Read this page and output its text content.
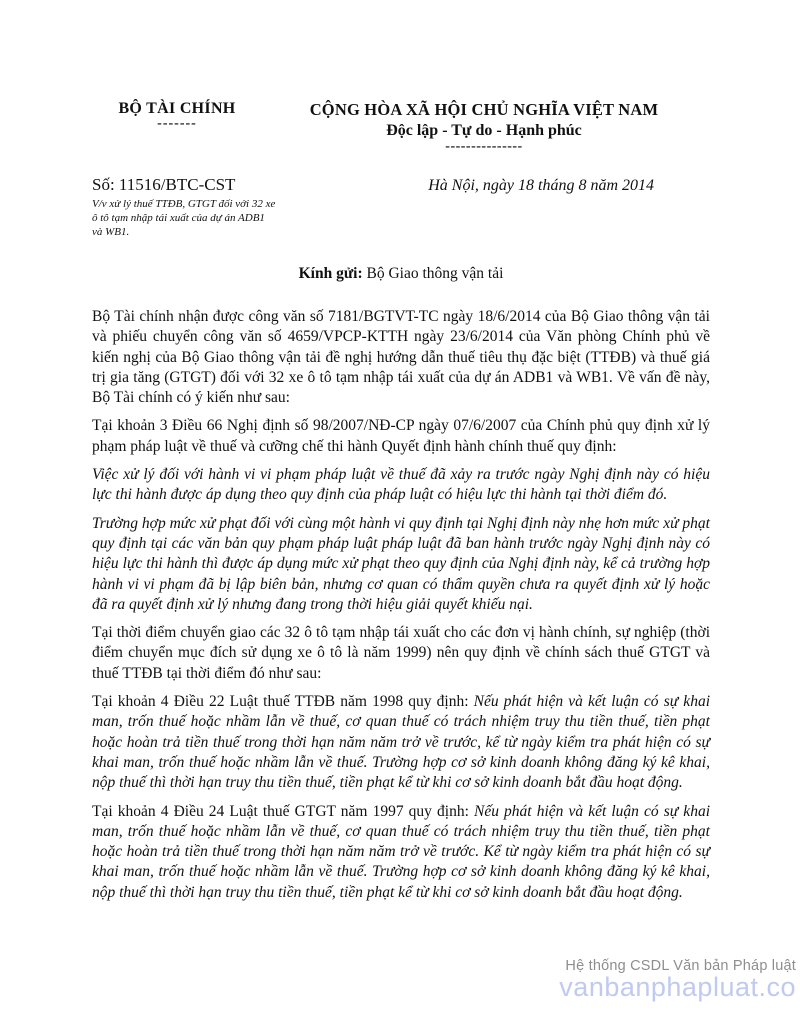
BỘ TÀI CHÍNH
-------
CỘNG HÒA XÃ HỘI CHỦ NGHĨA VIỆT NAM
Độc lập - Tự do - Hạnh phúc
---------------
Số: 11516/BTC-CST
V/v xử lý thuế TTĐB, GTGT đối với 32 xe
ô tô tạm nhập tái xuất của dự án ADB1
và WB1.
Hà Nội, ngày 18 tháng 8 năm 2014
Kính gửi: Bộ Giao thông vận tải

Bộ Tài chính nhận được công văn số 7181/BGTVT-TC ngày 18/6/2014 của Bộ Giao thông vận tải và phiếu chuyển công văn số 4659/VPCP-KTTH ngày 23/6/2014 của Văn phòng Chính phủ về kiến nghị của Bộ Giao thông vận tải đề nghị hướng dẫn thuế tiêu thụ đặc biệt (TTĐB) và thuế giá trị gia tăng (GTGT) đối với 32 xe ô tô tạm nhập tái xuất của dự án ADB1 và WB1. Về vấn đề này, Bộ Tài chính có ý kiến như sau:

Tại khoản 3 Điều 66 Nghị định số 98/2007/NĐ-CP ngày 07/6/2007 của Chính phủ quy định xử lý phạm pháp luật về thuế và cưỡng chế thi hành Quyết định hành chính thuế quy định:

Việc xử lý đối với hành vi vi phạm pháp luật về thuế đã xảy ra trước ngày Nghị định này có hiệu lực thi hành được áp dụng theo quy định của pháp luật có hiệu lực thi hành tại thời điểm đó.

Trường hợp mức xử phạt đối với cùng một hành vi quy định tại Nghị định này nhẹ hơn mức xử phạt quy định tại các văn bản quy phạm pháp luật pháp luật đã ban hành trước ngày Nghị định này có hiệu lực thi hành thì được áp dụng mức xử phạt theo quy định của Nghị định này, kể cả trường hợp hành vi vi phạm đã bị lập biên bản, nhưng cơ quan có thẩm quyền chưa ra quyết định xử lý hoặc đã ra quyết định xử lý nhưng đang trong thời hiệu giải quyết khiếu nại.

Tại thời điểm chuyển giao các 32 ô tô tạm nhập tái xuất cho các đơn vị hành chính, sự nghiệp (thời điểm chuyển mục đích sử dụng xe ô tô là năm 1999) nên quy định về chính sách thuế GTGT và thuế TTĐB tại thời điểm đó như sau:

Tại khoản 4 Điều 22 Luật thuế TTĐB năm 1998 quy định: Nếu phát hiện và kết luận có sự khai man, trốn thuế hoặc nhầm lẫn về thuế, cơ quan thuế có trách nhiệm truy thu tiền thuế, tiền phạt hoặc hoàn trả tiền thuế trong thời hạn năm năm trở về trước, kể từ ngày kiểm tra phát hiện có sự khai man, trốn thuế hoặc nhầm lẫn về thuế. Trường hợp cơ sở kinh doanh không đăng ký kê khai, nộp thuế thì thời hạn truy thu tiền thuế, tiền phạt kể từ khi cơ sở kinh doanh bắt đầu hoạt động.

Tại khoản 4 Điều 24 Luật thuế GTGT năm 1997 quy định: Nếu phát hiện và kết luận có sự khai man, trốn thuế hoặc nhầm lẫn về thuế, cơ quan thuế có trách nhiệm truy thu tiền thuế, tiền phạt hoặc hoàn trả tiền thuế trong thời hạn năm năm trở về trước. Kể từ ngày kiểm tra phát hiện có sự khai man, trốn thuế hoặc nhầm lẫn về thuế. Trường hợp cơ sở kinh doanh không đăng ký kê khai, nộp thuế thì thời hạn truy thu tiền thuế, tiền phạt kể từ khi cơ sở kinh doanh bắt đầu hoạt động.

Hệ thống CSDL Văn bản Pháp luật
vanbanphapluat.co
